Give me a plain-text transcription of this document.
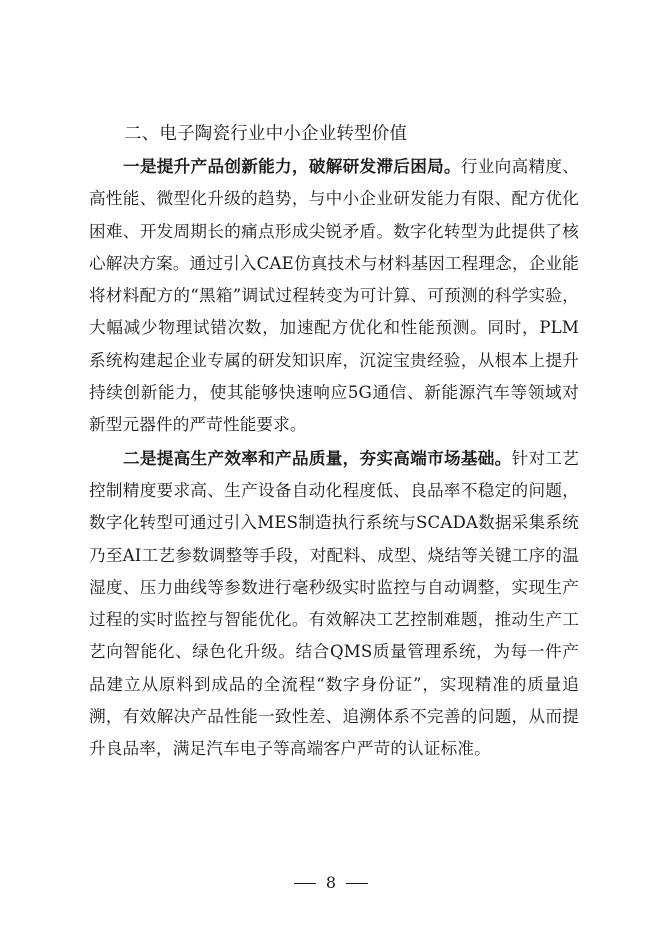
二、电子陶瓷行业中小企业转型价值

一是提升产品创新能力，破解研发滞后困局。行业向高精度、高性能、微型化升级的趋势，与中小企业研发能力有限、配方优化困难、开发周期长的痛点形成尖锐矛盾。数字化转型为此提供了核心解决方案。通过引入CAE仿真技术与材料基因工程理念，企业能将材料配方的“黑箱”调试过程转变为可计算、可预测的科学实验，大幅减少物理试错次数，加速配方优化和性能预测。同时，PLM系统构建起企业专属的研发知识库，沉淀宝贵经验，从根本上提升持续创新能力，使其能够快速响应5G通信、新能源汽车等领域对新型元器件的严苛性能要求。

二是提高生产效率和产品质量，夯实高端市场基础。针对工艺控制精度要求高、生产设备自动化程度低、良品率不稳定的问题，数字化转型可通过引入MES制造执行系统与SCADA数据采集系统乃至AI工艺参数调整等手段，对配料、成型、烧结等关键工序的温湿度、压力曲线等参数进行毫秒级实时监控与自动调整，实现生产过程的实时监控与智能优化。有效解决工艺控制难题，推动生产工艺向智能化、绿色化升级。结合QMS质量管理系统，为每一件产品建立从原料到成品的全流程“数字身份证”，实现精准的质量追溯，有效解决产品性能一致性差、追溯体系不完善的问题，从而提升良品率，满足汽车电子等高端客户严苛的认证标准。

8
